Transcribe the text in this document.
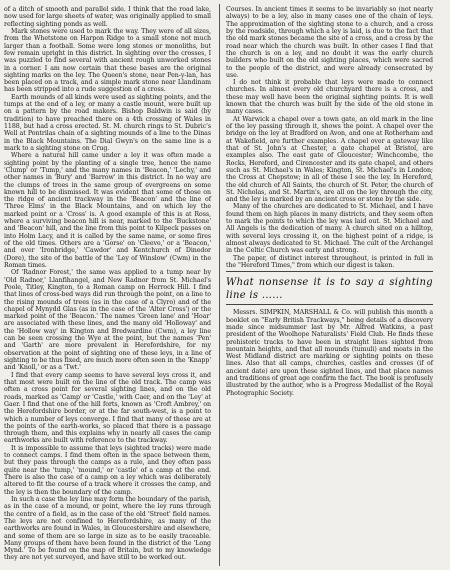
of a ditch of smooth and parallel side. I think that the road lake, now used for large sheets of water, was originally applied to small reflecting sighting ponds as well.

Mark stones were used to mark the way. They were of all sizes, from the Whetstone on Harpon Ridge to a small stone not much larger than a football. Some were long stones or monoliths, but few remain upright in this district. In sighting over the crosses, I was puzzled to find several with ancient rough unworked stones in a corner. I am now certain that these bases are the original sighting marks on the ley. The Queen's stone, near Pen-y-lan, has been placed on a track, and a simple mark stone near Llandinam has been stripped into a rude suggestion of a cross.

Earth mounds of all kinds were used as sighting points, and the tumps at the end of a ley, or many a castle mount, were built up on a pattern by the road makers. Bishop Baldwin is said (by tradition) to have preached there on a 4th crossing of Wales in 1188, but had a cross erected. St. M. church rings to St. Dubric's Well at Pontrilas chain of a sighting mounds of a line to the Dinas in the Black Mountains. The Dial Gwyn's on the same line is a mark to a sighting stone on Crug.

Where a natural hill came under a ley it was often made a sighting point by the planting of a single tree, hence the name 'Clump' or 'Tump,' and the many names in 'Beacon,' 'Lechy,' and other names in 'Bury' and 'Barrow' in this district. In no way are the clumps of trees in the same group of evergreens on some known hill to be dismissed. It was evident that some of those on the ridge of ancient trackway in the 'Beacon' and the line of 'Three Elms' in the Black Mountains, and on which ley the marked point or a 'Cross' is. A good example of this is at Ross, where a surviving beacon hill is near, marked to the 'Buckstone' and 'Beacon' hill, and the line from this point to Kilpeck passes on into Holm Lacy, and it is called by the same name, or some fires of the old times. Others are a 'Gorse' on 'Cleeve,' or a 'Beacon,' and over 'Ironbridge,' 'Cawdor' and Kentchurch of Dinedor (Dore), the site of the battle of the 'Ley of Winslow' (Cwm) in the Roman times.

Of 'Radnor Forest,' the same was applied to a tump near by 'Old Radnor,' Llanfihangel, and New Radnor from St. Michael's Poole, Titley, Kington, to a Roman camp on Herrock Hill. I find that lines of cross-bed ways did run through the point, on a line to the rising mounds of trees (as in the case of a Clyro) and of the chapel of Mynydd Glas (as in the case of the 'Alter Cross') or the marked point of the 'Beacon.' The names 'Green lane' and 'Hoar' are associated with these lines, and the many old 'Holloway' and the 'Hollow way' in Kington and Bredwardine (Cwm), a ley line can be seen crossing the Wye at the point, but the names 'Pen' and 'Garth' are more prevalent in Herefordshire, for my observation at the point of sighting one of these leys, in a line of sighting to be thus fixed, are much more often seen in the 'Knapp' and 'Knoll,' or as a 'Twt.'

I find that every camp seems to have several leys cross it, and that most were built on the line of the old track. The camp was often a cross point for several sighting lines, and on the old roads, marked as 'Camp' or 'Castle,' with Caer, and on the 'Ley' at Gaer. I find that one of the hill forts, known as 'Croft Ambrey,' on the Herefordshire border, or at the far south-west, is a point to which a number of leys converge. I find that many of these are at the points of the earth-works, so placed that there is a passage through them, and this explains why in nearly all cases the camp earthworks are built with reference to the trackway.

It is impossible to assume that leys (sighted tracks) were made to connect camps. I find them often in the space between them, but they pass through the camps as a rule, and they often pass quite near the 'tump,' 'mound,' or 'castle' of a camp at the end. There is also the case of a camp on a ley which was deliberately altered to fit the course of a track where it crosses the camp, and the ley is then the boundary of the camp.

In such a case the ley line may form the boundary of the parish, as in the case of a mound, or point, where the ley runs through the centre of a field, as in the case of the old 'Street' field names. The leys are not confined to Herefordshire, as many of the earthworks are found in Wales, in Gloucestershire and elsewhere, and some of them are so large in size as to be easily traceable. Many groups of them have been found in the district of the 'Long Mynd.' To be found on the map of Britain, but to my knowledge they are not yet surveyed, and have still to be worked out.

Courses. In ancient times it seems to be invariably so (not nearly always) to be a ley, also in many cases one of the chain of leys. The approximation of the sighting stone to a church, and a cross by the roadside, through which a ley is laid, is due to the fact that the old mark stones became the site of a cross, and a cross by the road near which the church was built. In other cases I find that the church is on a ley, and no doubt it was the early church builders who built on the old sighting places, which were sacred to the people of the district, and were already consecrated by use.

I do not think it probable that leys were made to connect churches. In almost every old churchyard there is a cross, and these may well have been the original sighting points. It is well known that the church was built by the side of the old stone in many cases.

At Warwick a chapel over a town gate, an old mark in the line of the ley passing through it, shows the point. A chapel over the bridge on the ley at Bradford on Avon, and one at Rotherham and at Wakefield, are further examples. A chapel over a gateway like that of St. John's at Chester, a gate chapel at Bristol, are examples also. The east gate of Gloucester; Winchcombe, the Rocks, Hereford, and Cirencester and its gate chapel, and others such as St. Michael's in Wales; Kington, St. Michael's in London; the Cross at Chepstow; in all of these I see the ley. In Hereford, the old church of All Saints, the church of St. Peter, the church of St. Nicholas, and St. Martin's, are all on the ley through the city, and the ley is marked by an ancient cross or stone by the side.

Many of the churches are dedicated to St. Michael, and I have found them on high places in many districts, and they seem often to mark the points to which the ley was laid out. St. Michael and All Angels is the dedication of many. A church sited on a hilltop, with several leys crossing it, on the highest point of a ridge, is almost always dedicated to St. Michael. The cult of the Archangel in the Celtic Church was early and strong.

The paper, of distinct interest throughout, is printed in full in the "Hereford Times," from which our digest is taken.

What nonsense it is to say a sighting line is ......

Messrs. SIMPKIN, MARSHALL & Co. will publish this month a booklet on "Early British Trackways," being details of a discovery made since midsummer last by Mr. Alfred Watkins, a past president of the Woolhope Naturalists' Field Club. He finds these prehistoric tracks to have been in straight lines sighted from mountain heights, and that all mounds (tumuli) and moats in the West Midland district are marking or sighting points on these lines. Also that all camps, churches, castles and crosses (if of ancient date) are upon these sighted lines, and that place names and traditions of great age confirm the fact. The book is profusely illustrated by the author, who is a Progress Medallist of the Royal Photographic Society.
